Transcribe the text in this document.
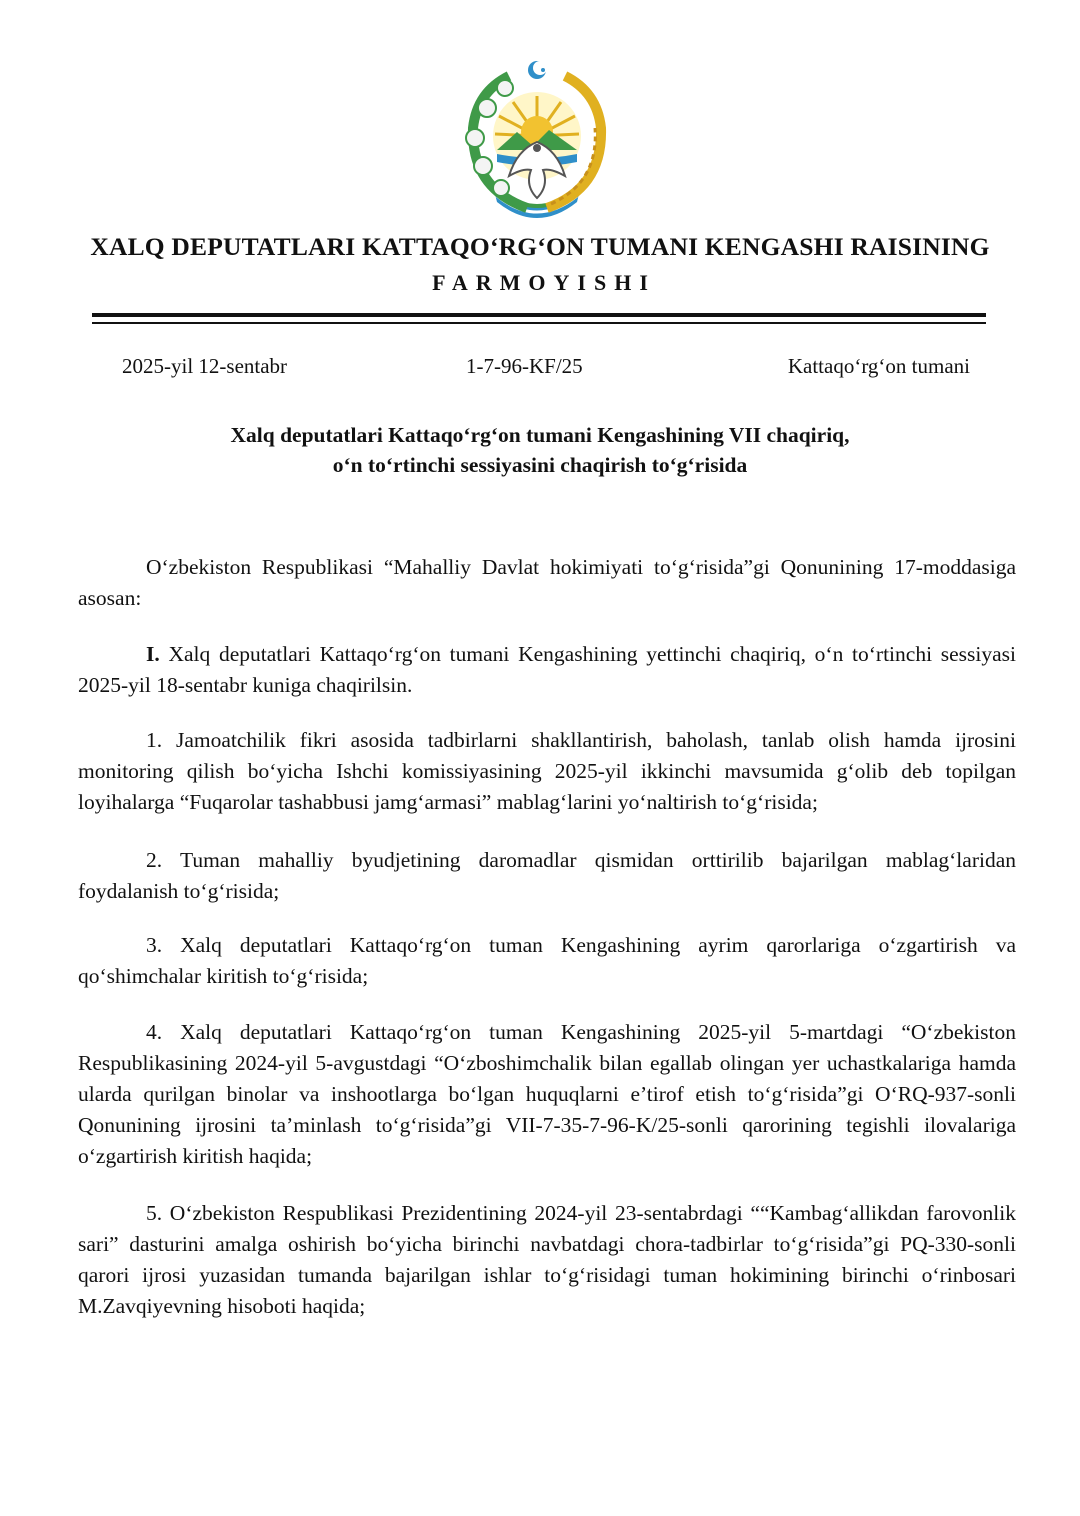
XALQ DEPUTATLARI KATTAQO‘RG‘ON TUMANI KENGASHI RAISINING
FARMOYISHI
2025-yil 12-sentabr	1-7-96-KF/25	Kattaqo‘rg‘on tumani
Xalq deputatlari Kattaqo‘rg‘on tumani Kengashining VII chaqiriq,
o‘n to‘rtinchi sessiyasini chaqirish to‘g‘risida

O‘zbekiston Respublikasi “Mahalliy Davlat hokimiyati to‘g‘risida”gi Qonunining 17-moddasiga asosan:

I. Xalq deputatlari Kattaqo‘rg‘on tumani Kengashining yettinchi chaqiriq, o‘n to‘rtinchi sessiyasi 2025-yil 18-sentabr kuniga chaqirilsin.

1. Jamoatchilik fikri asosida tadbirlarni shakllantirish, baholash, tanlab olish hamda ijrosini monitoring qilish bo‘yicha Ishchi komissiyasining 2025-yil ikkinchi mavsumida g‘olib deb topilgan loyihalarga “Fuqarolar tashabbusi jamg‘armasi” mablag‘larini yo‘naltirish to‘g‘risida;

2. Tuman mahalliy byudjetining daromadlar qismidan orttirilib bajarilgan mablag‘laridan foydalanish to‘g‘risida;

3. Xalq deputatlari Kattaqo‘rg‘on tuman Kengashining ayrim qarorlariga o‘zgartirish va qo‘shimchalar kiritish to‘g‘risida;

4. Xalq deputatlari Kattaqo‘rg‘on tuman Kengashining 2025-yil 5-martdagi “O‘zbekiston Respublikasining 2024-yil 5-avgustdagi “O‘zboshimchalik bilan egallab olingan yer uchastkalariga hamda ularda qurilgan binolar va inshootlarga bo‘lgan huquqlarni e’tirof etish to‘g‘risida”gi O‘RQ-937-sonli Qonunining ijrosini ta’minlash to‘g‘risida”gi VII-7-35-7-96-K/25-sonli qarorining tegishli ilovalariga o‘zgartirish kiritish haqida;

5. O‘zbekiston Respublikasi Prezidentining 2024-yil 23-sentabrdagi ““Kambag‘allikdan farovonlik sari” dasturini amalga oshirish bo‘yicha birinchi navbatdagi chora-tadbirlar to‘g‘risida”gi PQ-330-sonli qarori ijrosi yuzasidan tumanda bajarilgan ishlar to‘g‘risidagi tuman hokimining birinchi o‘rinbosari M.Zavqiyevning hisoboti haqida;
